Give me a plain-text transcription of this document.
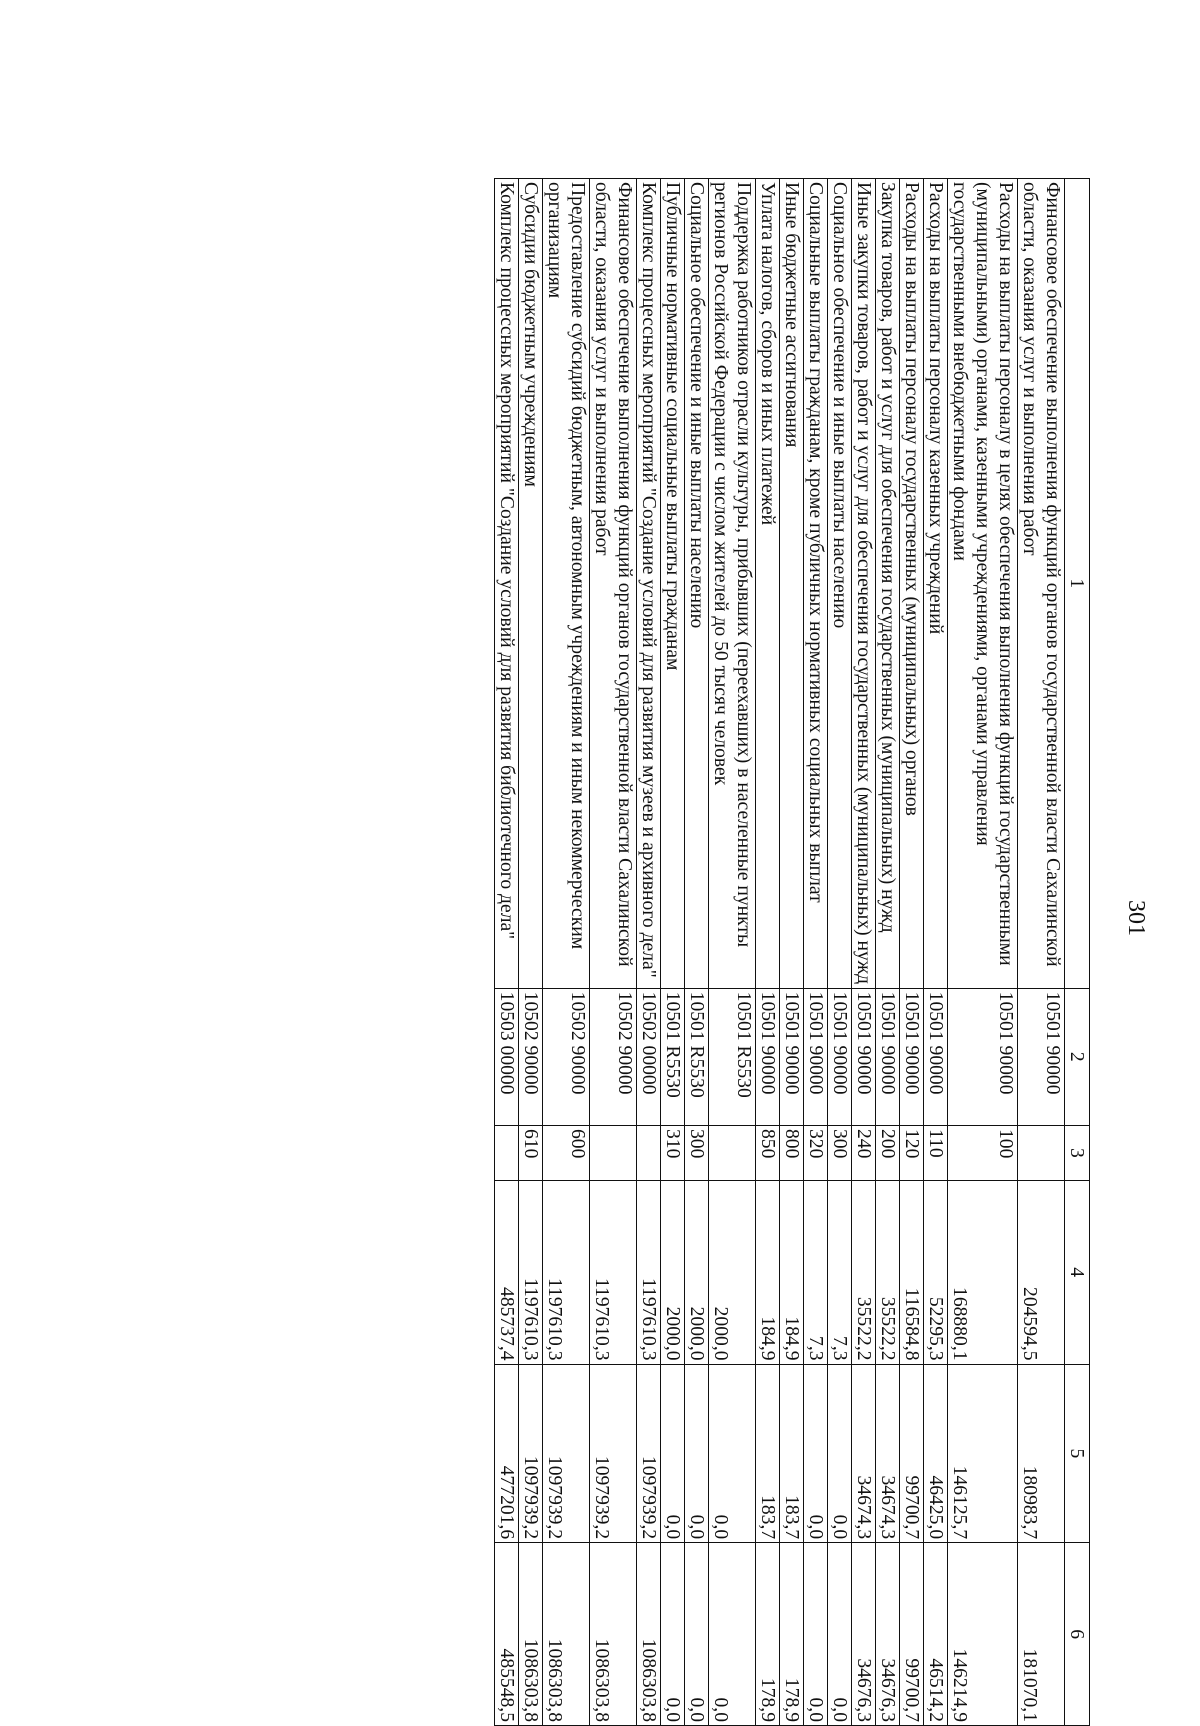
301
1	2	3	4	5	6
Финансовое обеспечение выполнения функций органов государственной власти Сахалинской области, оказания услуг и выполнения работ	10501 90000		204594,5	180983,7	181070,1
Расходы на выплаты персоналу в целях обеспечения выполнения функций государственными (муниципальными) органами, казенными учреждениями, органами управления государственными внебюджетными фондами	10501 90000	100	168880,1	146125,7	146214,9
Расходы на выплаты персоналу казенных учреждений	10501 90000	110	52295,3	46425,0	46514,2
Расходы на выплаты персоналу государственных (муниципальных) органов	10501 90000	120	116584,8	99700,7	99700,7
Закупка товаров, работ и услуг для обеспечения государственных (муниципальных) нужд	10501 90000	200	35522,2	34674,3	34676,3
Иные закупки товаров, работ и услуг для обеспечения государственных (муниципальных) нужд	10501 90000	240	35522,2	34674,3	34676,3
Социальное обеспечение и иные выплаты населению	10501 90000	300	7,3	0,0	0,0
Социальные выплаты гражданам, кроме публичных нормативных социальных выплат	10501 90000	320	7,3	0,0	0,0
Иные бюджетные ассигнования	10501 90000	800	184,9	183,7	178,9
Уплата налогов, сборов и иных платежей	10501 90000	850	184,9	183,7	178,9
Поддержка работников отрасли культуры, прибывших (переехавших) в населенные пункты регионов Российской Федерации с числом жителей до 50 тысяч человек	10501 R5530		2000,0	0,0	0,0
Социальное обеспечение и иные выплаты населению	10501 R5530	300	2000,0	0,0	0,0
Публичные нормативные социальные выплаты гражданам	10501 R5530	310	2000,0	0,0	0,0
Комплекс процессных мероприятий "Создание условий для развития музеев и архивного дела"	10502 00000		1197610,3	1097939,2	1086303,8
Финансовое обеспечение выполнения функций органов государственной власти Сахалинской области, оказания услуг и выполнения работ	10502 90000		1197610,3	1097939,2	1086303,8
Предоставление субсидий бюджетным, автономным учреждениям и иным некоммерческим организациям	10502 90000	600	1197610,3	1097939,2	1086303,8
Субсидии бюджетным учреждениям	10502 90000	610	1197610,3	1097939,2	1086303,8
Комплекс процессных мероприятий "Создание условий для развития библиотечного дела"	10503 00000		485737,4	477201,6	485548,5
